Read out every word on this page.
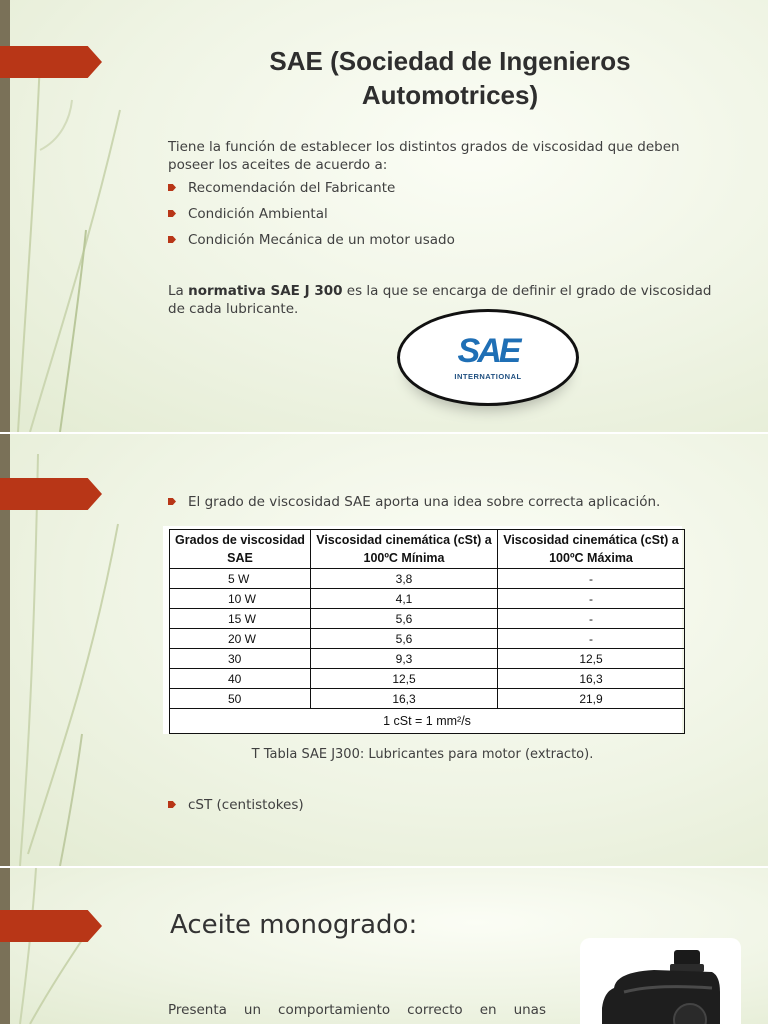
SAE (Sociedad de Ingenieros
Automotrices)
Tiene la función de establecer los distintos grados de viscosidad que deben
poseer los aceites de acuerdo a:
Recomendación del Fabricante
Condición Ambiental
Condición Mecánica de un motor usado
La normativa SAE J 300 es la que se encarga de definir el grado de viscosidad
de cada lubricante.
SAE
INTERNATIONAL
El grado de viscosidad SAE aporta una idea sobre correcta aplicación.
Grados de viscosidad SAE	Viscosidad cinemática (cSt) a 100ºC Mínima	Viscosidad cinemática (cSt) a 100ºC Máxima
5 W	3,8	-
10 W	4,1	-
15 W	5,6	-
20 W	5,6	-
30	9,3	12,5
40	12,5	16,3
50	16,3	21,9
1 cSt = 1 mm²/s		
T Tabla SAE J300: Lubricantes para motor (extracto).
cST (centistokes)
Aceite monogrado:
Presenta un comportamiento correcto en unas
